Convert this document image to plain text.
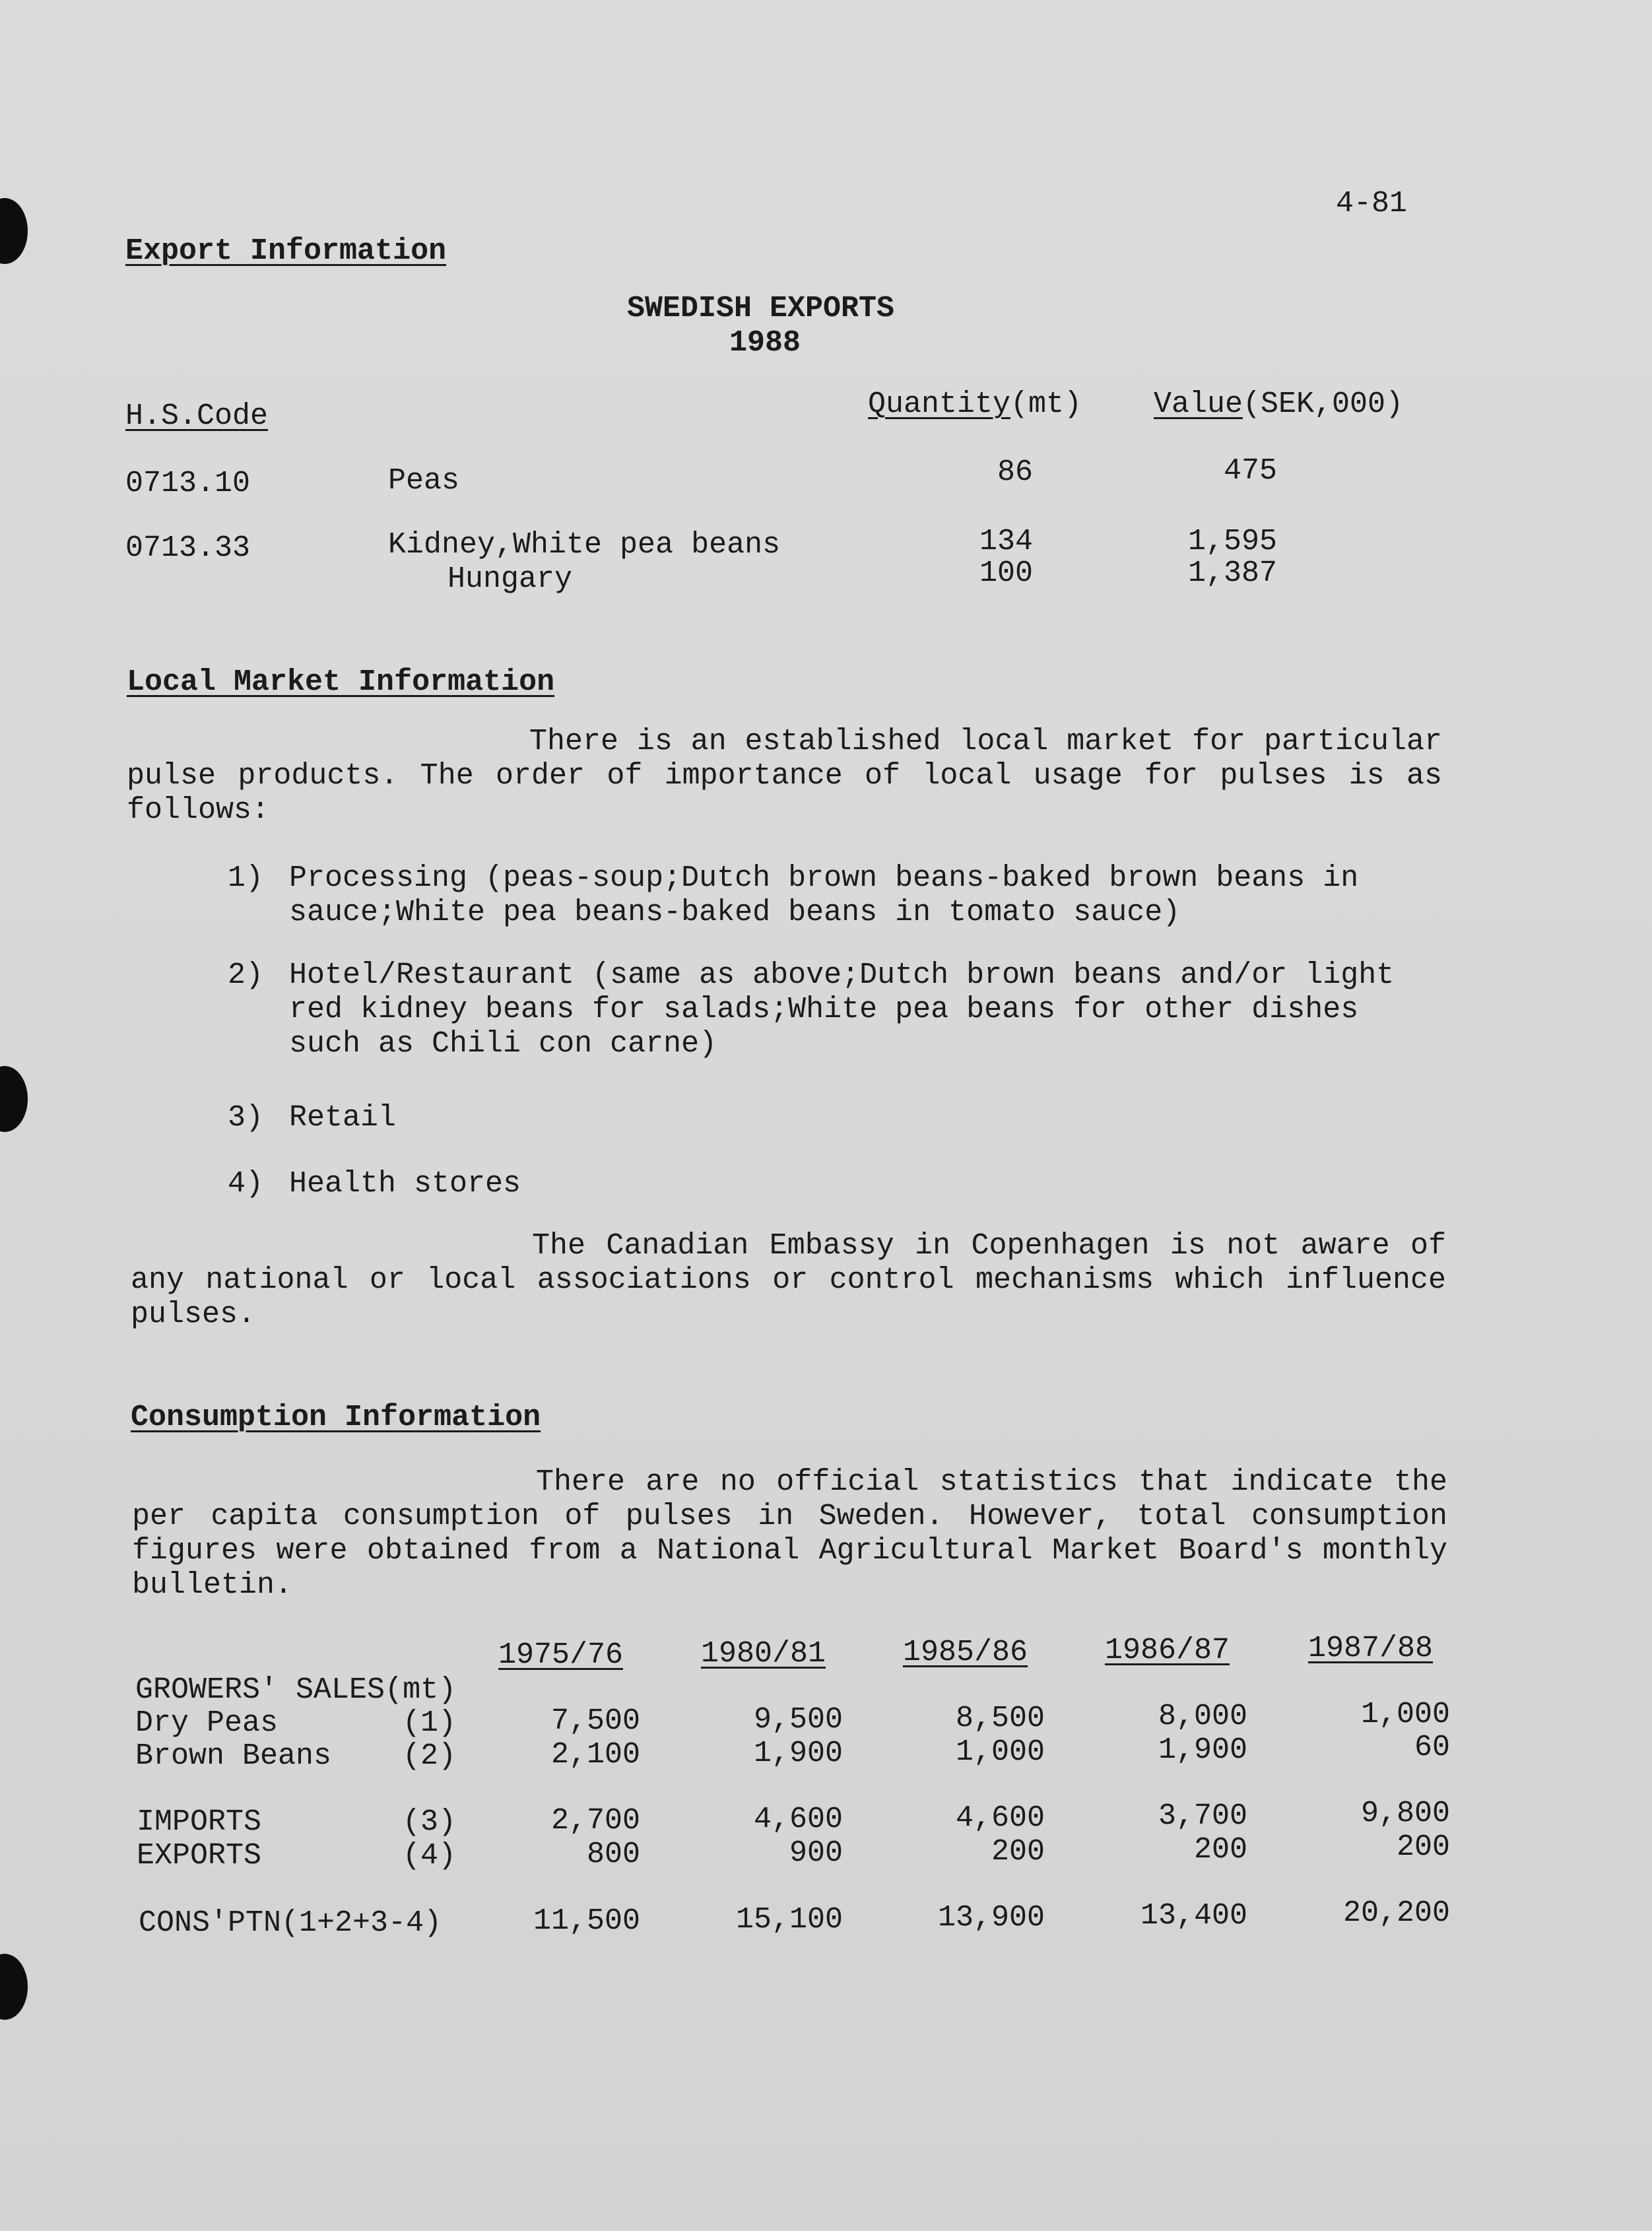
4-81
Export Information
SWEDISH EXPORTS
1988
H.S.Code	Quantity(mt) Value(SEK,000)
0713.10	Peas	86	475
0713.33	Kidney,White pea beans	134	1,595
Hungary	100	1,387
Local Market Information
There is an established local market for particular pulse products. The order of importance of local usage for pulses is as follows:
1) Processing (peas-soup;Dutch brown beans-baked brown beans in sauce;White pea beans-baked beans in tomato sauce)
2) Hotel/Restaurant (same as above;Dutch brown beans and/or light red kidney beans for salads;White pea beans for other dishes such as Chili con carne)
3) Retail
4) Health stores
The Canadian Embassy in Copenhagen is not aware of any national or local associations or control mechanisms which influence pulses.
Consumption Information
There are no official statistics that indicate the per capita consumption of pulses in Sweden. However, total consumption figures were obtained from a National Agricultural Market Board's monthly bulletin.
1975/76	1980/81	1985/86	1986/87	1987/88
GROWERS' SALES(mt)
Dry Peas	(1)	7,500	9,500	8,500	8,000	1,000
Brown Beans (2)	2,100	1,900	1,000	1,900	60
IMPORTS	(3)	2,700	4,600	4,600	3,700	9,800
EXPORTS	(4)	800	900	200	200	200
CONS'PTN(1+2+3-4)	11,500	15,100	13,900	13,400	20,200
